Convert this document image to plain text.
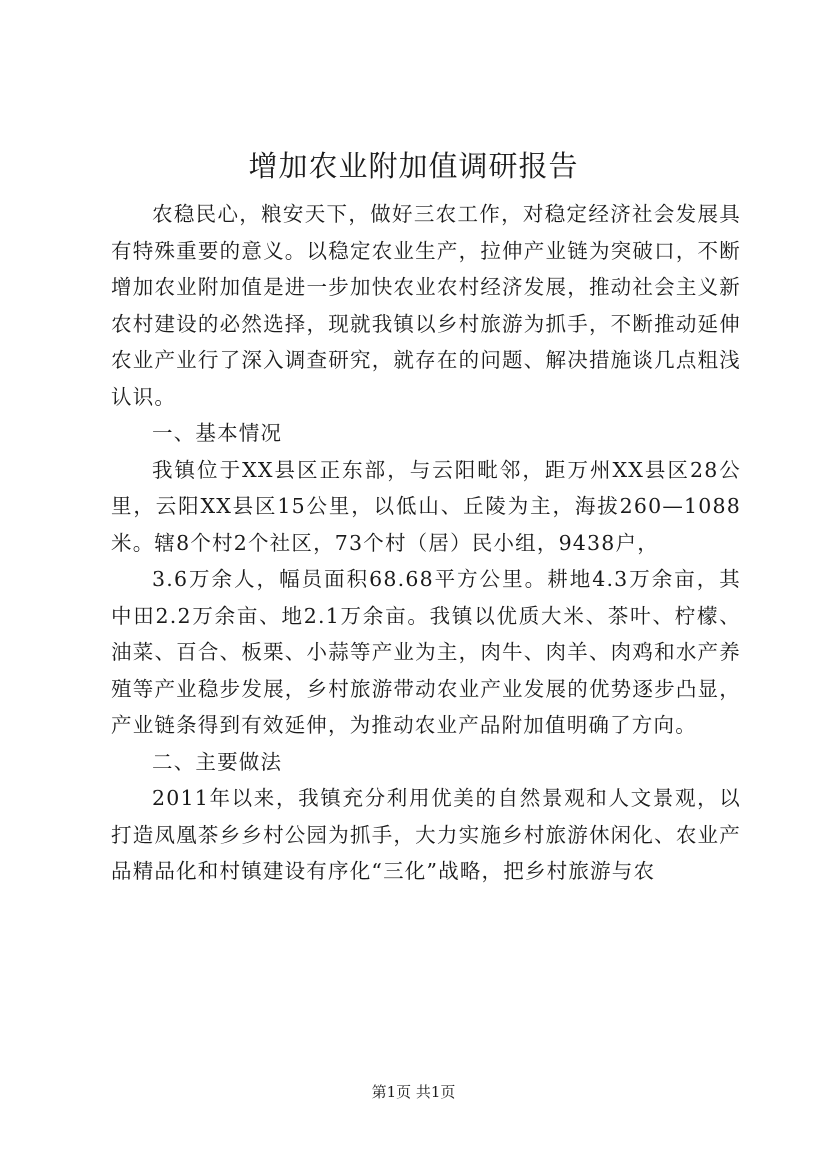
增加农业附加值调研报告

农稳民心，粮安天下，做好三农工作，对稳定经济社会发展具有特殊重要的意义。以稳定农业生产，拉伸产业链为突破口，不断增加农业附加值是进一步加快农业农村经济发展，推动社会主义新农村建设的必然选择，现就我镇以乡村旅游为抓手，不断推动延伸农业产业行了深入调查研究，就存在的问题、解决措施谈几点粗浅认识。

一、基本情况

我镇位于XX县区正东部，与云阳毗邻，距万州XX县区28公里，云阳XX县区15公里，以低山、丘陵为主，海拔260—1088米。辖8个村2个社区，73个村（居）民小组，9438户，

3.6万余人，幅员面积68.68平方公里。耕地4.3万余亩，其中田2.2万余亩、地2.1万余亩。我镇以优质大米、茶叶、柠檬、油菜、百合、板栗、小蒜等产业为主，肉牛、肉羊、肉鸡和水产养殖等产业稳步发展，乡村旅游带动农业产业发展的优势逐步凸显，产业链条得到有效延伸，为推动农业产品附加值明确了方向。

二、主要做法

2011年以来，我镇充分利用优美的自然景观和人文景观，以打造凤凰茶乡乡村公园为抓手，大力实施乡村旅游休闲化、农业产品精品化和村镇建设有序化“三化”战略，把乡村旅游与农

第1页 共1页
